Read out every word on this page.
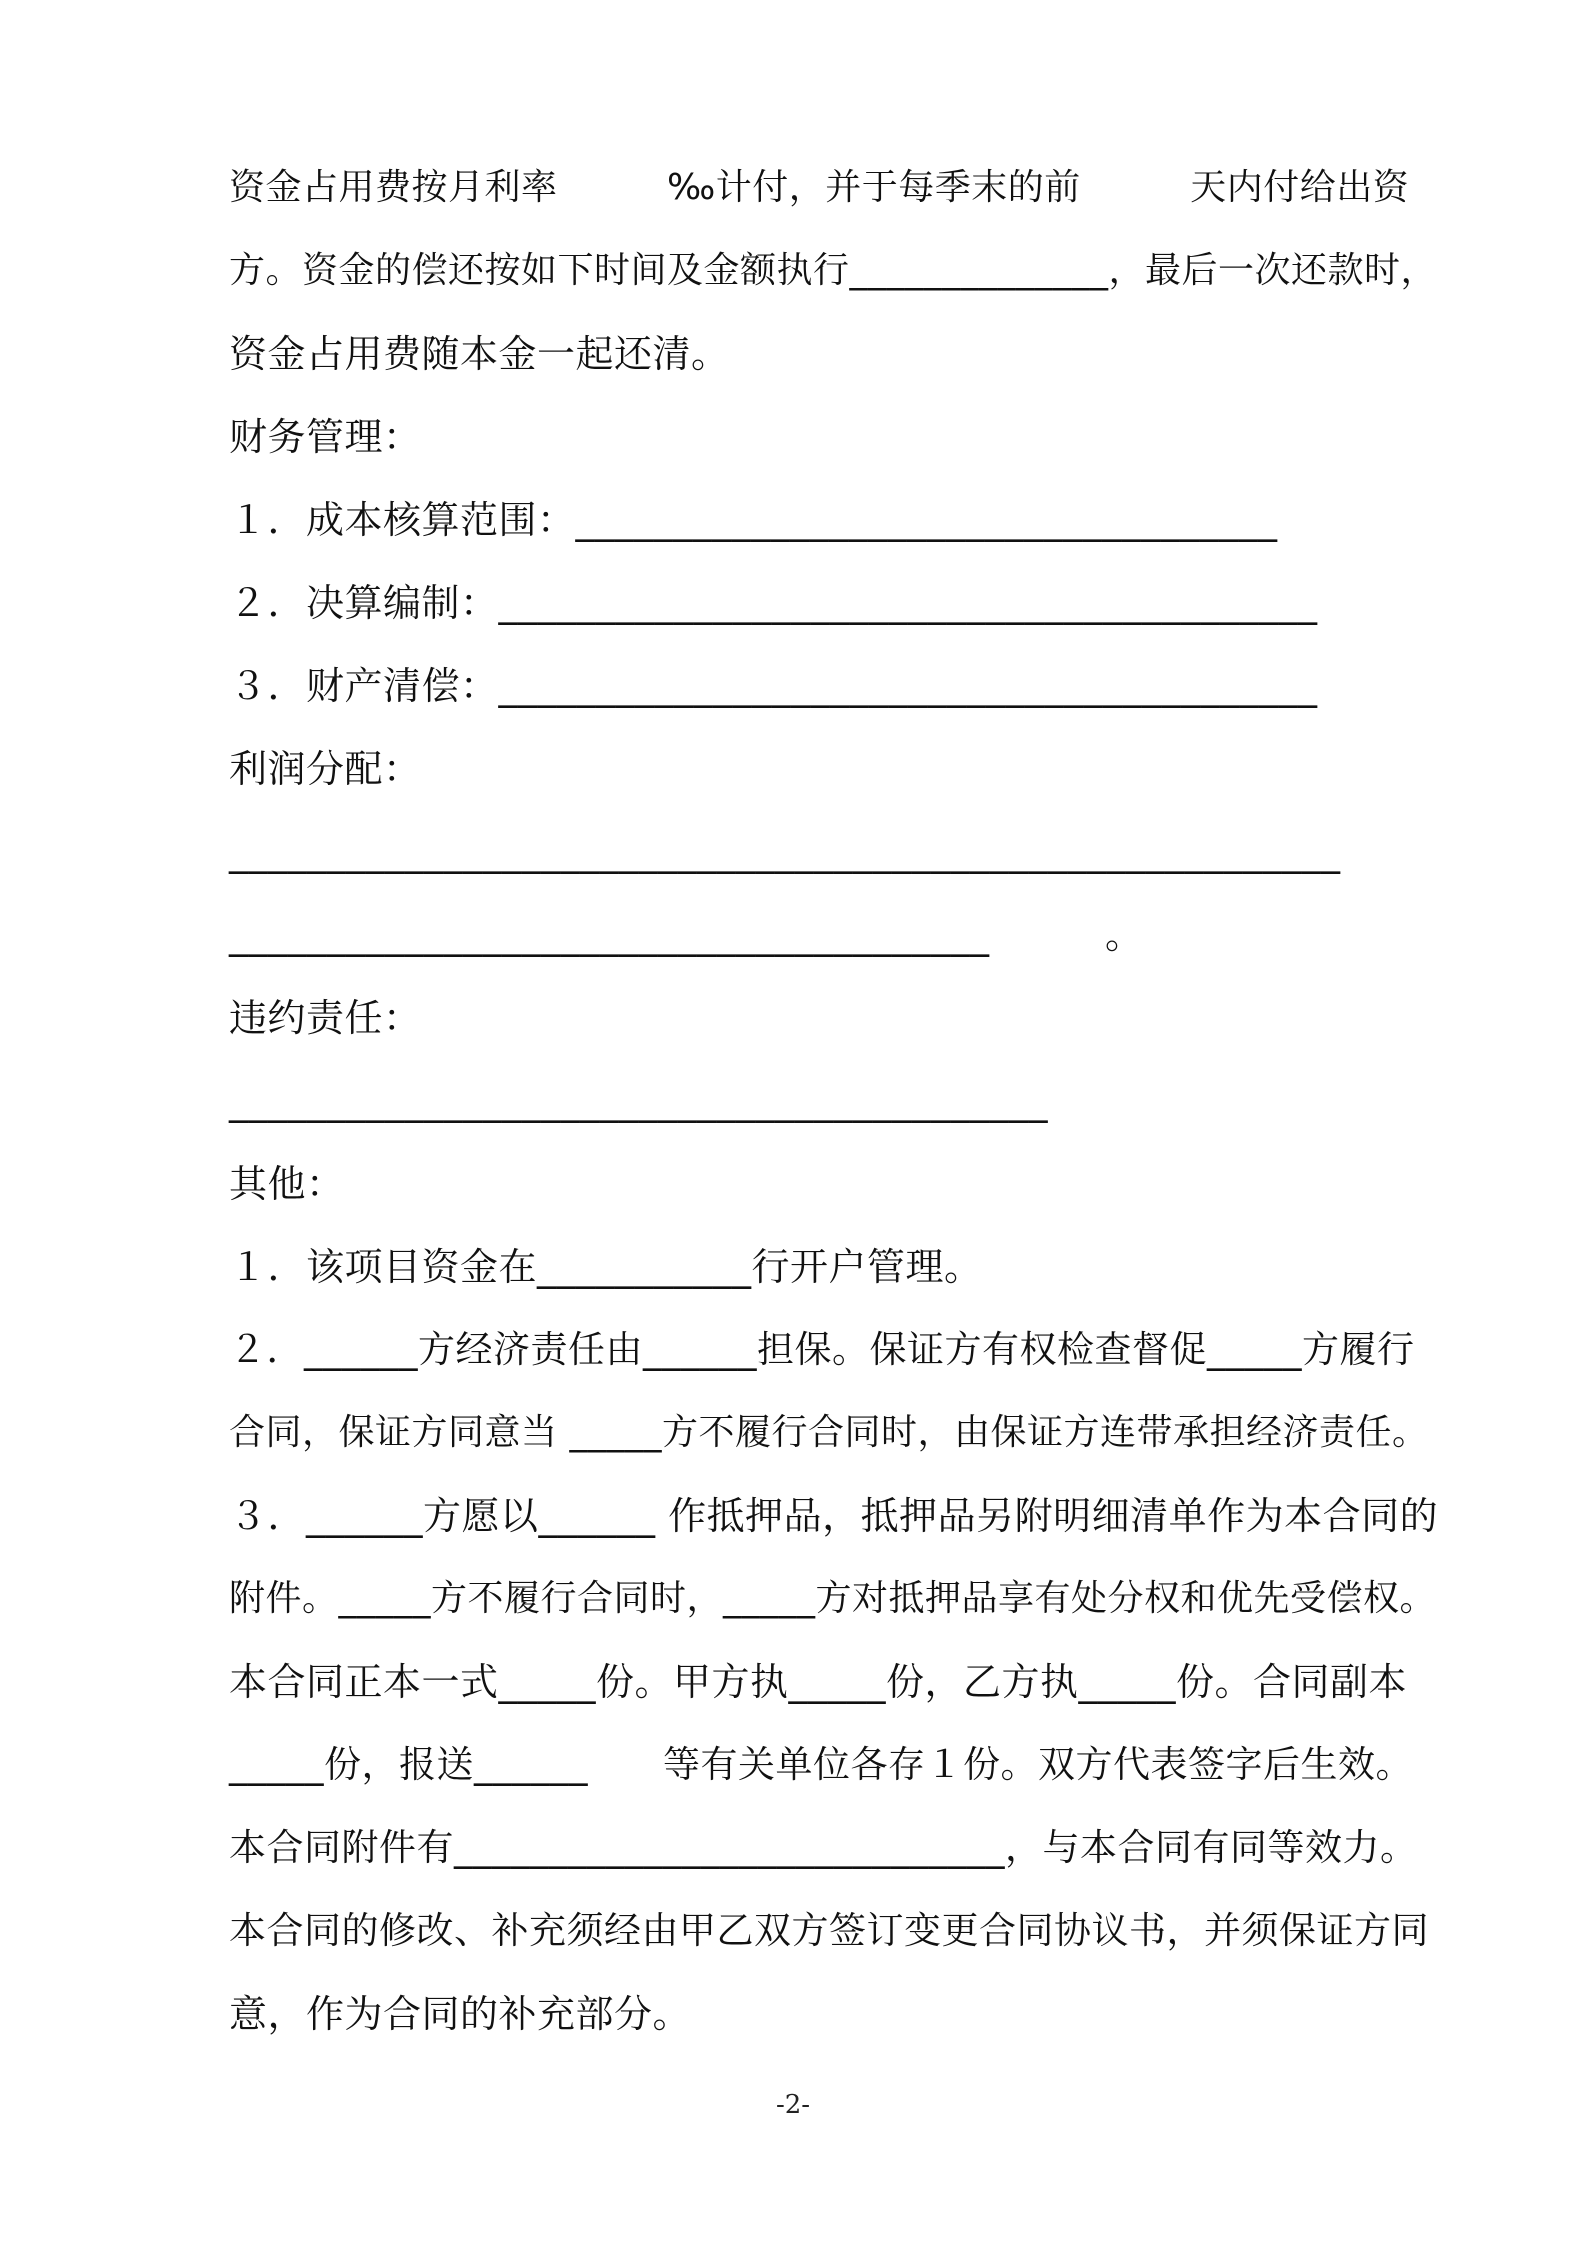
资金占用费按月利率　　　‰计付，并于每季末的前　　　天内付给出资
方。资金的偿还按如下时间及金额执行______________，最后一次还款时，
资金占用费随本金一起还清。
财务管理：
１．成本核算范围：____________________________________
２．决算编制：__________________________________________
３．财产清偿：__________________________________________
利润分配：
_________________________________________________________
_______________________________________　　　。
违约责任：
__________________________________________
其他：
１．该项目资金在___________行开户管理。
２．______方经济责任由______担保。保证方有权检查督促_____方履行
合同，保证方同意当 _____方不履行合同时，由保证方连带承担经济责任。
３．______方愿以______ 作抵押品，抵押品另附明细清单作为本合同的
附件。_____方不履行合同时，_____方对抵押品享有处分权和优先受偿权。
本合同正本一式_____份。甲方执_____份，乙方执_____份。合同副本
_____份，报送______　　等有关单位各存１份。双方代表签字后生效。
本合同附件有_____________________________，与本合同有同等效力。
本合同的修改、补充须经由甲乙双方签订变更合同协议书，并须保证方同
意，作为合同的补充部分。
-2-
